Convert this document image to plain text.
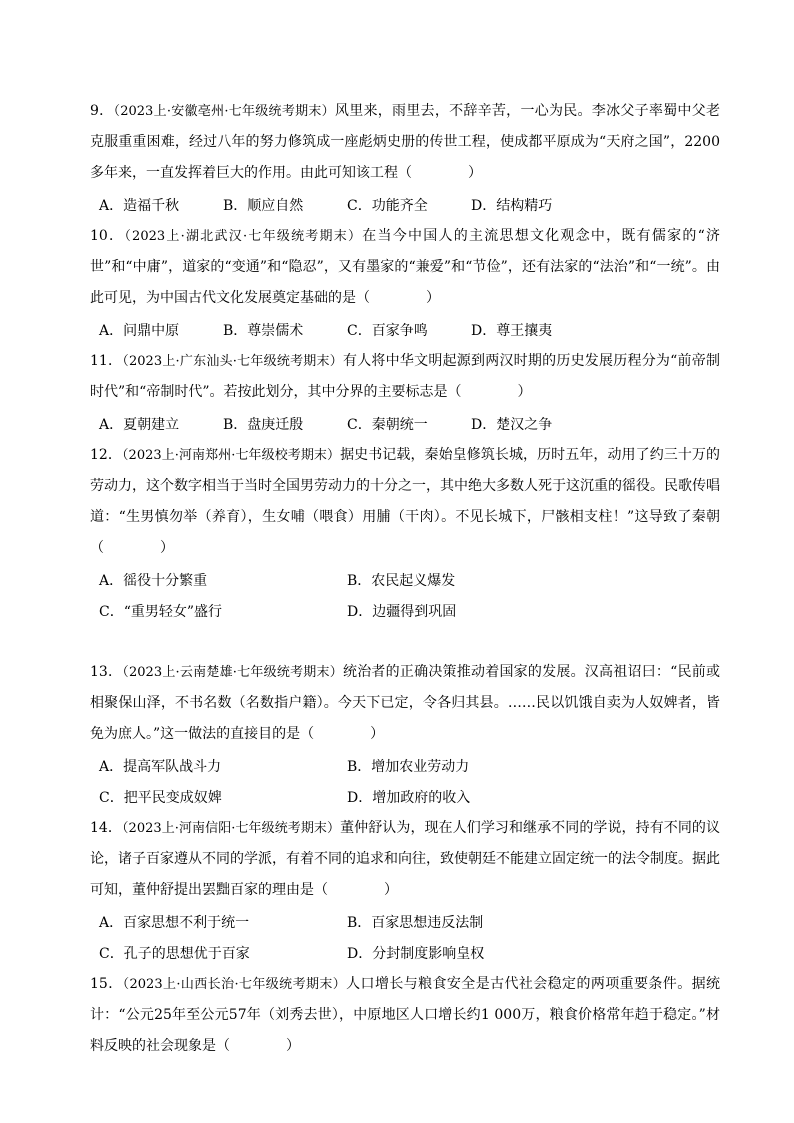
9．（2023上·安徽亳州·七年级统考期末）风里来，雨里去，不辞辛苦，一心为民。李冰父子率蜀中父老克服重重困难，经过八年的努力修筑成一座彪炳史册的传世工程，使成都平原成为“天府之国”，2200多年来，一直发挥着巨大的作用。由此可知该工程（　　　　）

A．造福千秋	B．顺应自然	C．功能齐全	D．结构精巧

10．（2023上·湖北武汉·七年级统考期末）在当今中国人的主流思想文化观念中，既有儒家的“济世”和“中庸”，道家的“变通”和“隐忍”，又有墨家的“兼爱”和“节俭”，还有法家的“法治”和“一统”。由此可见，为中国古代文化发展奠定基础的是（　　　　）

A．问鼎中原	B．尊崇儒术	C．百家争鸣	D．尊王攘夷

11．（2023上·广东汕头·七年级统考期末）有人将中华文明起源到两汉时期的历史发展历程分为“前帝制时代”和“帝制时代”。若按此划分，其中分界的主要标志是（　　　　）

A．夏朝建立	B．盘庚迁殷	C．秦朝统一	D．楚汉之争

12．（2023上·河南郑州·七年级校考期末）据史书记载，秦始皇修筑长城，历时五年，动用了约三十万的劳动力，这个数字相当于当时全国男劳动力的十分之一，其中绝大多数人死于这沉重的徭役。民歌传唱道：“生男慎勿举（养育），生女哺（喂食）用脯（干肉）。不见长城下，尸骸相支柱！”这导致了秦朝（　　　　）

A．徭役十分繁重	B．农民起义爆发
C．“重男轻女”盛行	D．边疆得到巩固

13．（2023上·云南楚雄·七年级统考期末）统治者的正确决策推动着国家的发展。汉高祖诏曰：“民前或相聚保山泽，不书名数（名数指户籍）。今天下已定，令各归其县。……民以饥饿自卖为人奴婢者，皆免为庶人。”这一做法的直接目的是（　　　　）

A．提高军队战斗力	B．增加农业劳动力
C．把平民变成奴婢	D．增加政府的收入

14．（2023上·河南信阳·七年级统考期末）董仲舒认为，现在人们学习和继承不同的学说，持有不同的议论，诸子百家遵从不同的学派，有着不同的追求和向往，致使朝廷不能建立固定统一的法令制度。据此可知，董仲舒提出罢黜百家的理由是（　　　　）

A．百家思想不利于统一	B．百家思想违反法制
C．孔子的思想优于百家	D．分封制度影响皇权

15．（2023上·山西长治·七年级统考期末）人口增长与粮食安全是古代社会稳定的两项重要条件。据统计：“公元25年至公元57年（刘秀去世），中原地区人口增长约1 000万，粮食价格常年趋于稳定。”材料反映的社会现象是（　　　　）
